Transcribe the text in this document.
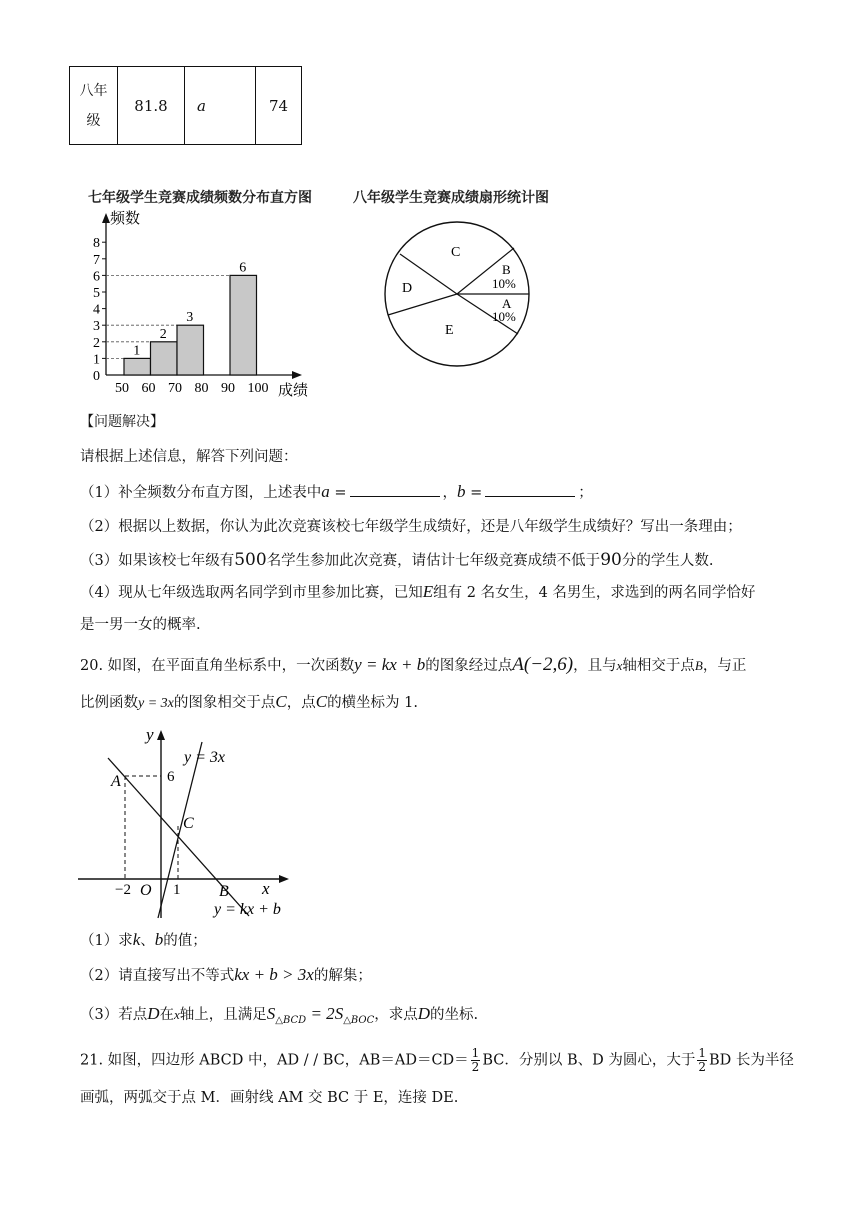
八年
级	81.8	a	74
七年级学生竞赛成绩频数分布直方图	八年级学生竞赛成绩扇形统计图
频数
成绩
0
1
2
3
4
5
6
7
8
50 60 70 80 90 100
1
2
3
6
C
D
E
B
10%
A
10%
【问题解决】
请根据上述信息，解答下列问题：
（1）补全频数分布直方图，上述表中a =	，b =	；
（2）根据以上数据，你认为此次竞赛该校七年级学生成绩好，还是八年级学生成绩好？写出一条理由；
（3）如果该校七年级有500名学生参加此次竞赛，请估计七年级竞赛成绩不低于90分的学生人数.
（4）现从七年级选取两名同学到市里参加比赛，已知E组有 2 名女生，4 名男生，求选到的两名同学恰好
是一男一女的概率.
20. 如图，在平面直角坐标系中，一次函数y = kx + b的图象经过点A(−2,6)，且与x轴相交于点B，与正
比例函数y = 3x的图象相交于点C，点C的横坐标为 1.
y
x
y = 3x
y = kx + b
A
B
C
O
6
−2	1
（1）求k、b的值；
（2）请直接写出不等式kx + b > 3x的解集；
（3）若点D在x轴上，且满足$S_{\triangle BCD} = 2S_{\triangle BOC}$，求点D的坐标.
21. 如图，四边形 ABCD 中，AD / / BC，$AB=AD=CD= \frac{1}{2}$ BC．分别以 B、D 为圆心，大于 $\frac{1}{2}$ BD 长为半径
画弧，两弧交于点 M．画射线 AM 交 BC 于 E，连接 DE.
